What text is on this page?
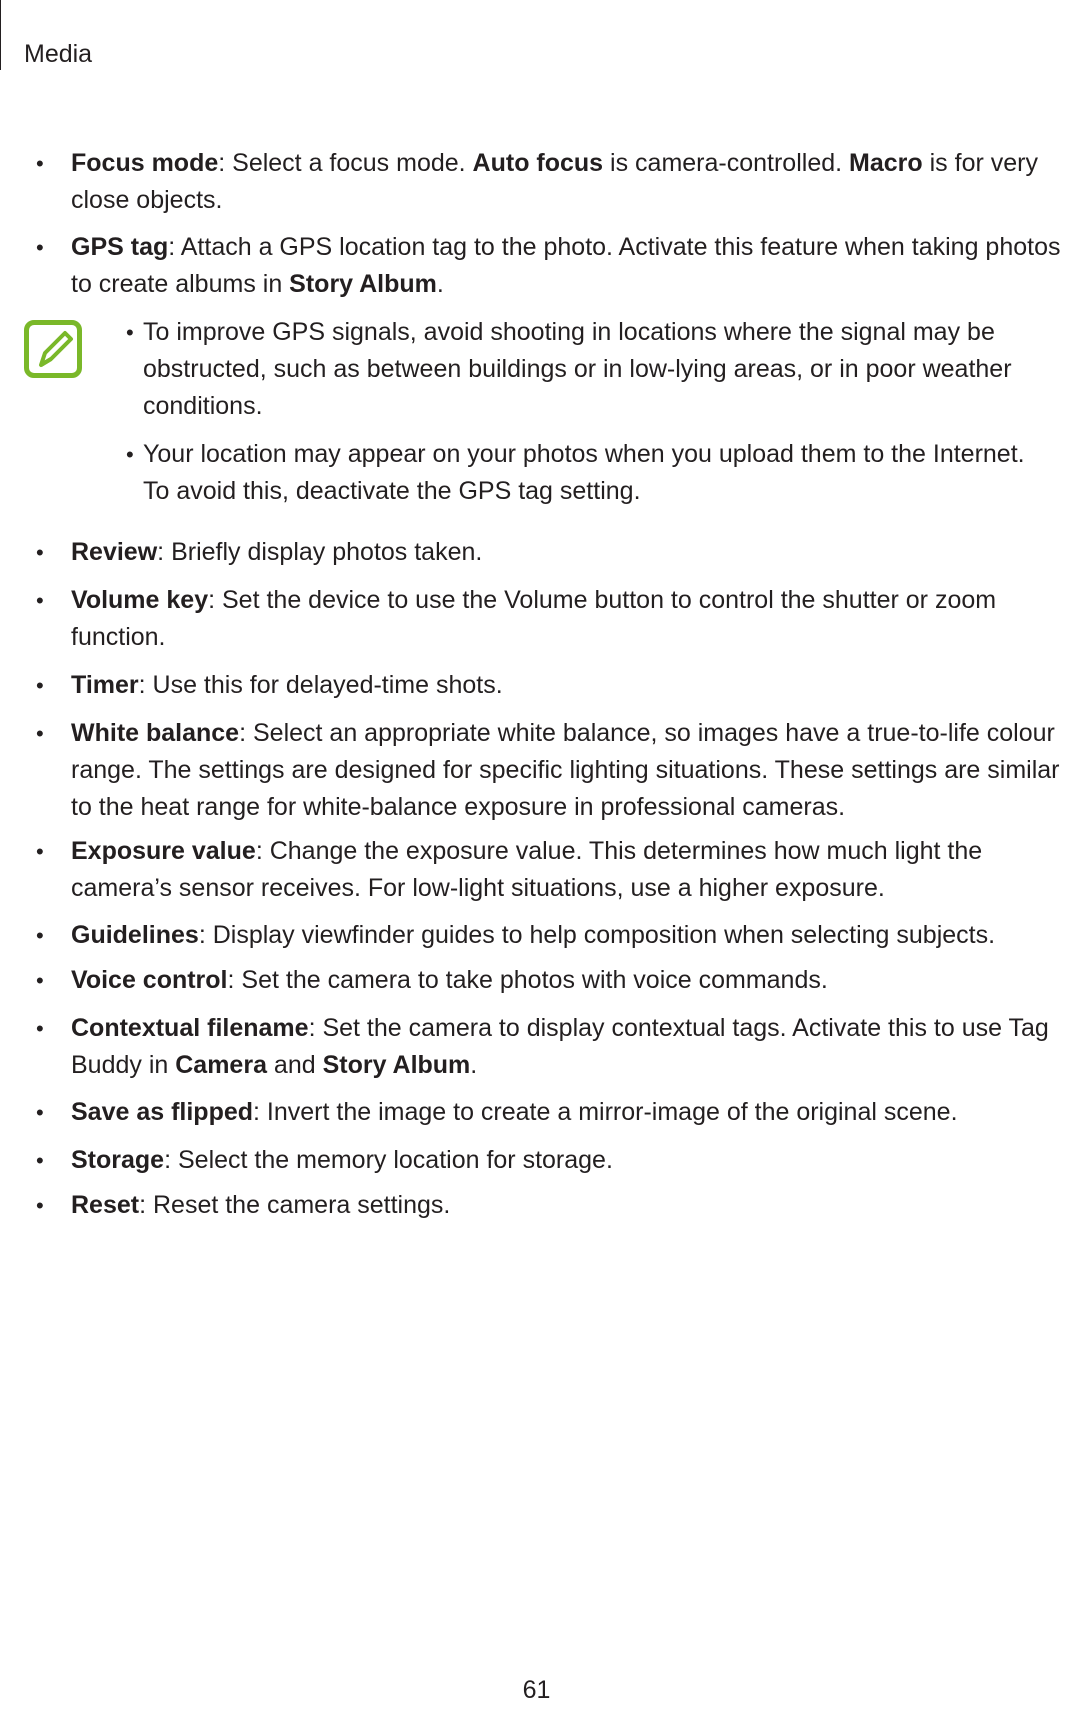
Media
• Focus mode: Select a focus mode. Auto focus is camera-controlled. Macro is for very
close objects.
• GPS tag: Attach a GPS location tag to the photo. Activate this feature when taking photos
to create albums in Story Album.
• To improve GPS signals, avoid shooting in locations where the signal may be
obstructed, such as between buildings or in low-lying areas, or in poor weather
conditions.
• Your location may appear on your photos when you upload them to the Internet.
To avoid this, deactivate the GPS tag setting.
• Review: Briefly display photos taken.
• Volume key: Set the device to use the Volume button to control the shutter or zoom
function.
• Timer: Use this for delayed-time shots.
• White balance: Select an appropriate white balance, so images have a true-to-life colour
range. The settings are designed for specific lighting situations. These settings are similar
to the heat range for white-balance exposure in professional cameras.
• Exposure value: Change the exposure value. This determines how much light the
camera’s sensor receives. For low-light situations, use a higher exposure.
• Guidelines: Display viewfinder guides to help composition when selecting subjects.
• Voice control: Set the camera to take photos with voice commands.
• Contextual filename: Set the camera to display contextual tags. Activate this to use Tag
Buddy in Camera and Story Album.
• Save as flipped: Invert the image to create a mirror-image of the original scene.
• Storage: Select the memory location for storage.
• Reset: Reset the camera settings.
61
